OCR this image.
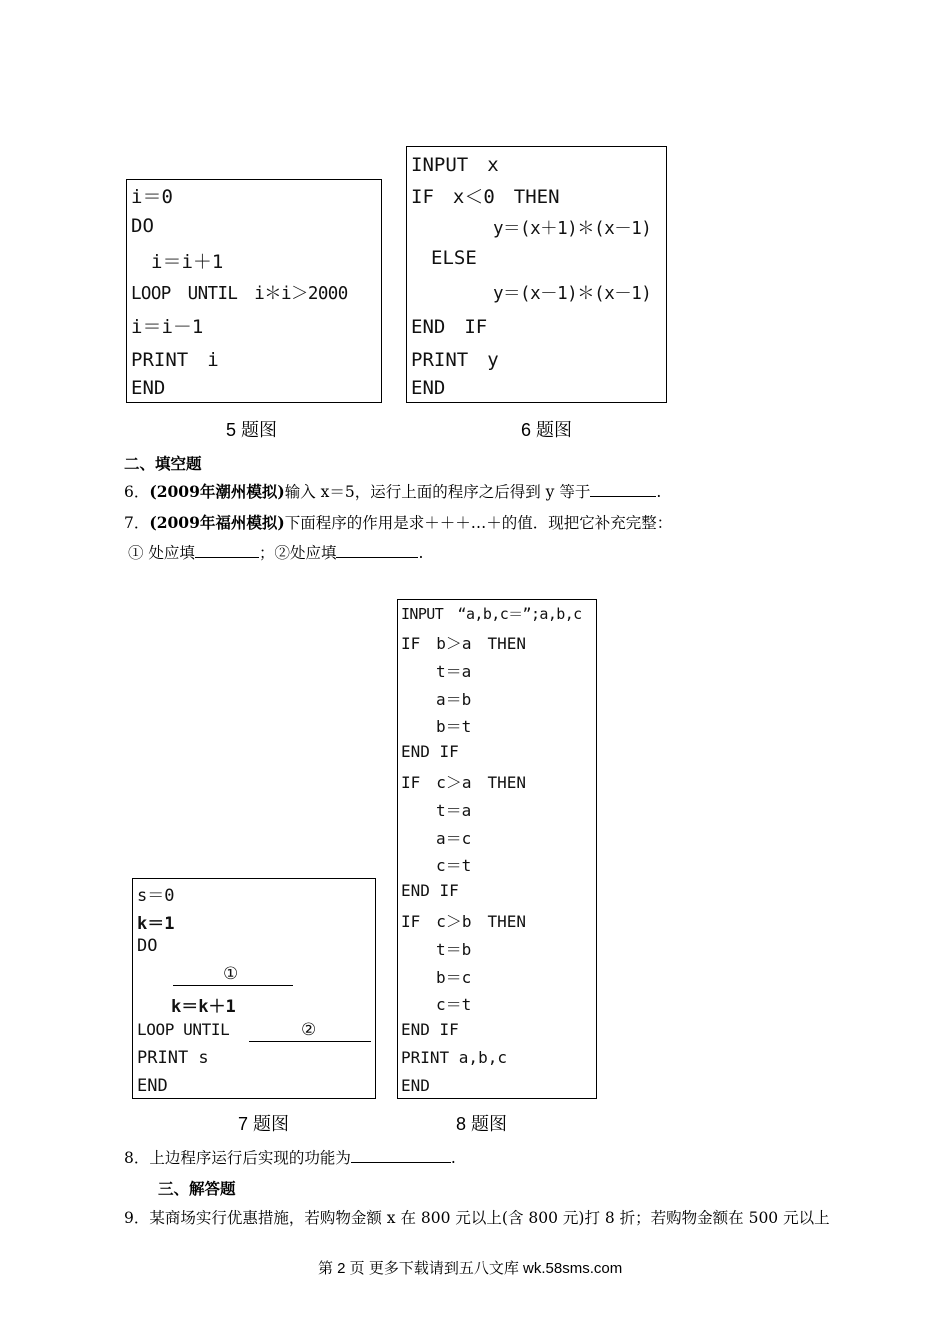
i＝0
DO
i＝i＋1
LOOP　UNTIL　i＊i＞2000
i＝i－1
PRINT　i
END
5 题图
INPUT　x
IF　x＜0　THEN
y＝(x＋1)＊(x－1)
ELSE
y＝(x－1)＊(x－1)
END　IF
PRINT　y
END
6 题图
二、填空题
6．(2009年潮州模拟)输入 x＝5，运行上面的程序之后得到 y 等于	.
7．(2009年福州模拟)下面程序的作用是求＋＋＋…＋的值．现把它补充完整：
① 处应填	；②处应填	.
s＝0
k＝1
DO
①
k＝k＋1
LOOP UNTIL	②
PRINT s
END
7 题图
INPUT　“a,b,c＝”;a,b,c
IF　b＞a　THEN
t＝a
a＝b
b＝t
END IF
IF　c＞a　THEN
t＝a
a＝c
c＝t
END IF
IF　c＞b　THEN
t＝b
b＝c
c＝t
END IF
PRINT a,b,c
END
8 题图
8．上边程序运行后实现的功能为	.
三、解答题
9．某商场实行优惠措施，若购物金额 x 在 800 元以上(含 800 元)打 8 折；若购物金额在 500 元以上
第 2 页 更多下载请到五八文库 wk.58sms.com
